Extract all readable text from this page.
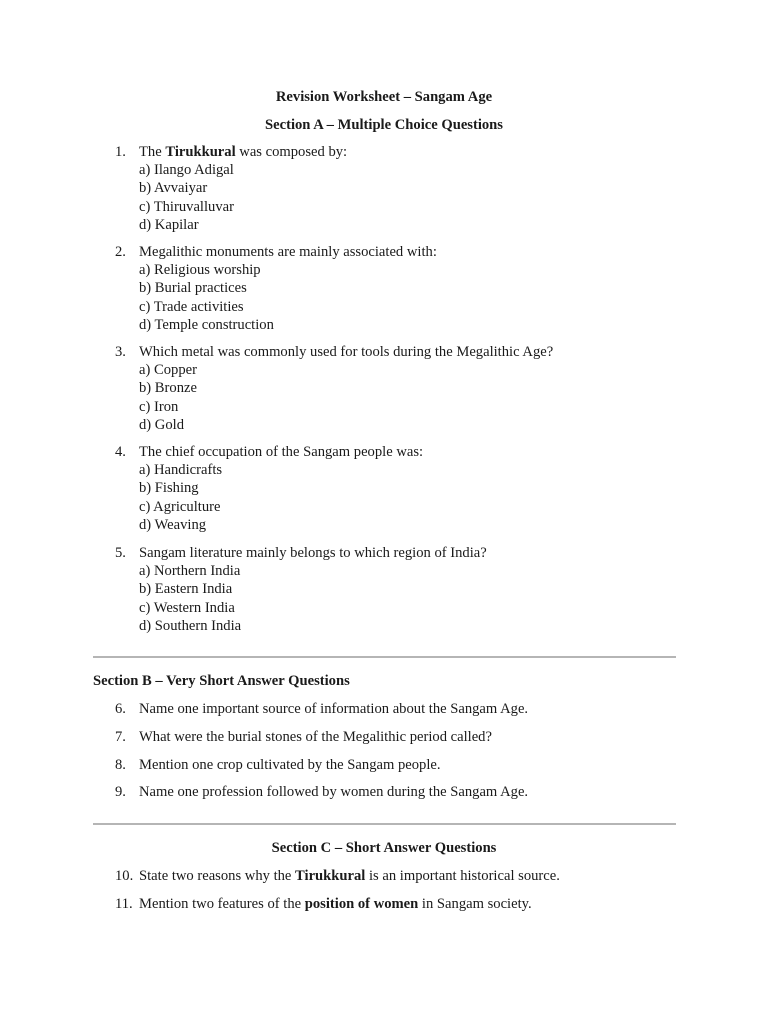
Revision Worksheet – Sangam Age
Section A – Multiple Choice Questions
1. The Tirukkural was composed by:
a) Ilango Adigal
b) Avvaiyar
c) Thiruvalluvar
d) Kapilar
2. Megalithic monuments are mainly associated with:
a) Religious worship
b) Burial practices
c) Trade activities
d) Temple construction
3. Which metal was commonly used for tools during the Megalithic Age?
a) Copper
b) Bronze
c) Iron
d) Gold
4. The chief occupation of the Sangam people was:
a) Handicrafts
b) Fishing
c) Agriculture
d) Weaving
5. Sangam literature mainly belongs to which region of India?
a) Northern India
b) Eastern India
c) Western India
d) Southern India
Section B – Very Short Answer Questions
6. Name one important source of information about the Sangam Age.
7. What were the burial stones of the Megalithic period called?
8. Mention one crop cultivated by the Sangam people.
9. Name one profession followed by women during the Sangam Age.
Section C – Short Answer Questions
10. State two reasons why the Tirukkural is an important historical source.
11. Mention two features of the position of women in Sangam society.
